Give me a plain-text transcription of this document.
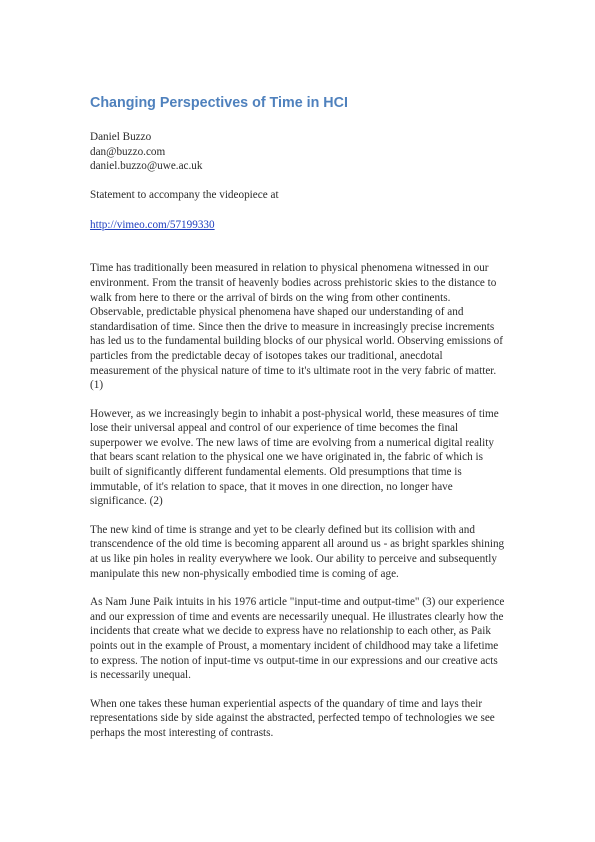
Changing Perspectives of Time in HCI
Daniel Buzzo
dan@buzzo.com
daniel.buzzo@uwe.ac.uk
Statement to accompany the videopiece at
http://vimeo.com/57199330

Time has traditionally been measured in relation to physical phenomena witnessed in our environment. From the transit of heavenly bodies across prehistoric skies to the distance to walk from here to there or the arrival of birds on the wing from other continents. Observable, predictable physical phenomena have shaped our understanding of and standardisation of time. Since then the drive to measure in increasingly precise increments has led us to the fundamental building blocks of our physical world. Observing emissions of particles from the predictable decay of isotopes takes our traditional, anecdotal measurement of the physical nature of time to it's ultimate root in the very fabric of matter. (1)

However, as we increasingly begin to inhabit a post-physical world, these measures of time lose their universal appeal and control of our experience of time becomes the final superpower we evolve. The new laws of time are evolving from a numerical digital reality that bears scant relation to the physical one we have originated in, the fabric of which is built of significantly different fundamental elements. Old presumptions that time is immutable, of it's relation to space, that it moves in one direction, no longer have significance. (2)

The new kind of time is strange and yet to be clearly defined but its collision with and transcendence of the old time is becoming apparent all around us - as bright sparkles shining at us like pin holes in reality everywhere we look. Our ability to perceive and subsequently manipulate this new non-physically embodied time is coming of age.

As Nam June Paik intuits in his 1976 article "input-time and output-time" (3) our experience and our expression of time and events are necessarily unequal. He illustrates clearly how the incidents that create what we decide to express have no relationship to each other, as Paik points out in the example of Proust, a momentary incident of childhood may take a lifetime to express. The notion of input-time vs output-time in our expressions and our creative acts is necessarily unequal.

When one takes these human experiential aspects of the quandary of time and lays their representations side by side against the abstracted, perfected tempo of technologies we see perhaps the most interesting of contrasts.
